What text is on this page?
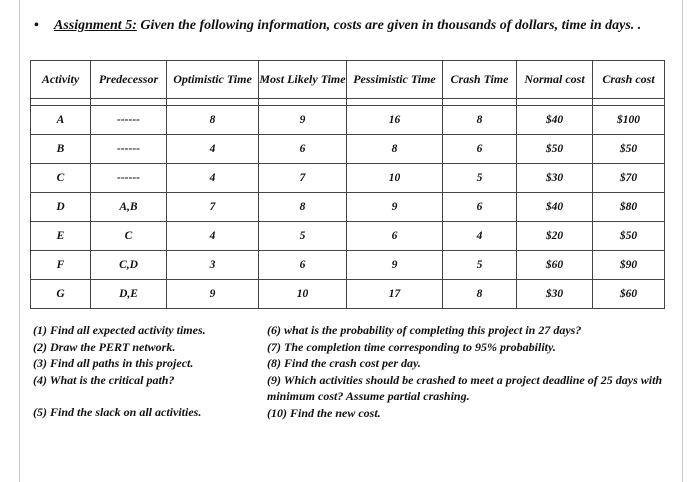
• Assignment 5: Given the following information, costs are given in thousands of dollars, time in days. .
Activity	Predecessor	Optimistic Time	Most Likely Time	Pessimistic Time	Crash Time	Normal cost	Crash cost

A	------	8	9	16	8	$40	$100
B	------	4	6	8	6	$50	$50
C	------	4	7	10	5	$30	$70
D	A,B	7	8	9	6	$40	$80
E	C	4	5	6	4	$20	$50
F	C,D	3	6	9	5	$60	$90
G	D,E	9	10	17	8	$30	$60
(1) Find all expected activity times.
(2) Draw the PERT network.
(3) Find all paths in this project.
(4) What is the critical path?
(5) Find the slack on all activities.
(6) what is the probability of completing this project in 27 days?
(7) The completion time corresponding to 95% probability.
(8) Find the crash cost per day.
(9) Which activities should be crashed to meet a project deadline of 25 days with minimum cost? Assume partial crashing.
(10) Find the new cost.
